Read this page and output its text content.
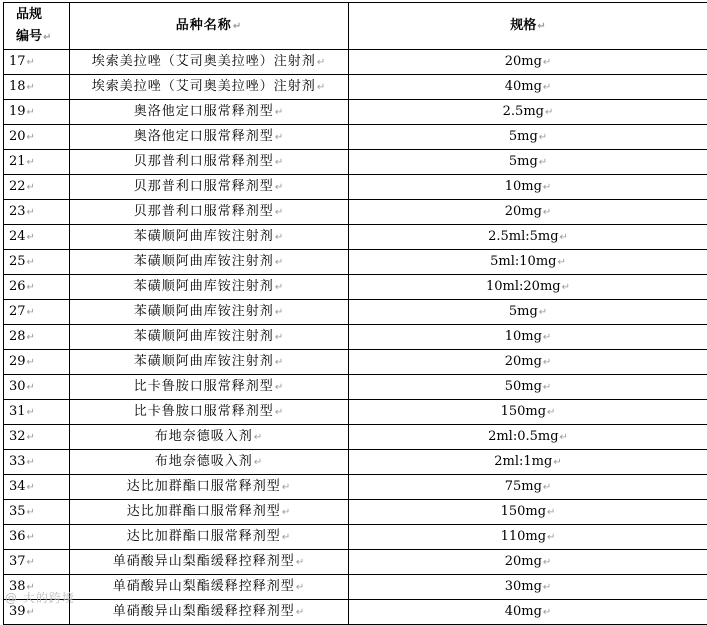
品规
编号↵	品种名称↵	规格↵
17↵	埃索美拉唑（艾司奥美拉唑）注射剂↵	20mg↵
18↵	埃索美拉唑（艾司奥美拉唑）注射剂↵	40mg↵
19↵	奥洛他定口服常释剂型↵	2.5mg↵
20↵	奥洛他定口服常释剂型↵	5mg↵
21↵	贝那普利口服常释剂型↵	5mg↵
22↵	贝那普利口服常释剂型↵	10mg↵
23↵	贝那普利口服常释剂型↵	20mg↵
24↵	苯磺顺阿曲库铵注射剂↵	2.5ml:5mg↵
25↵	苯磺顺阿曲库铵注射剂↵	5ml:10mg↵
26↵	苯磺顺阿曲库铵注射剂↵	10ml:20mg↵
27↵	苯磺顺阿曲库铵注射剂↵	5mg↵
28↵	苯磺顺阿曲库铵注射剂↵	10mg↵
29↵	苯磺顺阿曲库铵注射剂↵	20mg↵
30↵	比卡鲁胺口服常释剂型↵	50mg↵
31↵	比卡鲁胺口服常释剂型↵	150mg↵
32↵	布地奈德吸入剂↵	2ml:0.5mg↵
33↵	布地奈德吸入剂↵	2ml:1mg↵
34↵	达比加群酯口服常释剂型↵	75mg↵
35↵	达比加群酯口服常释剂型↵	150mg↵
36↵	达比加群酯口服常释剂型↵	110mg↵
37↵	单硝酸异山梨酯缓释控释剂型↵	20mg↵
38↵	单硝酸异山梨酯缓释控释剂型↵	30mg↵
39↵	单硝酸异山梨酯缓释控释剂型↵	40mg↵
@ 大的跨境
